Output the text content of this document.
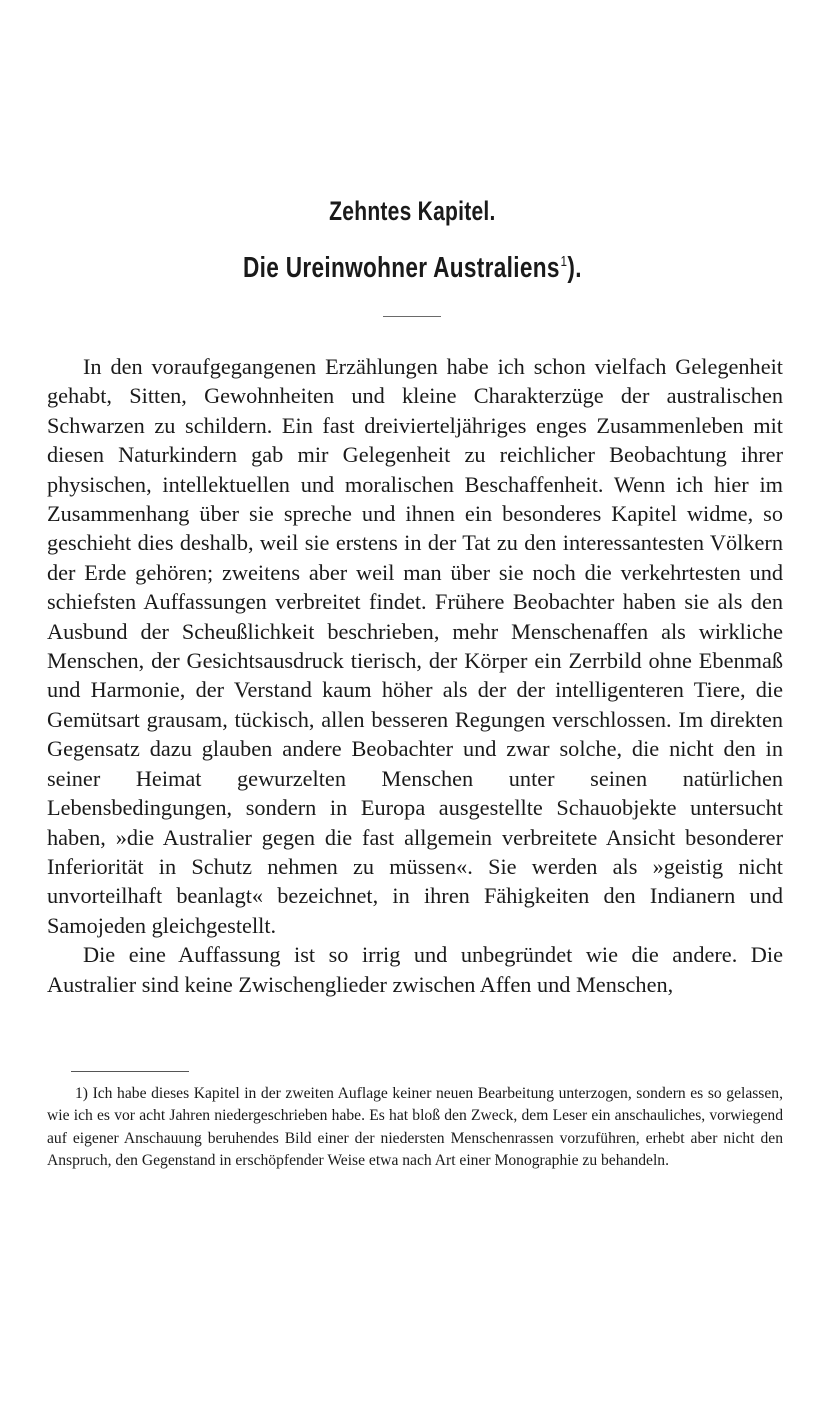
Zehntes Kapitel.
Die Ureinwohner Australiens$^1$).

In den voraufgegangenen Erzählungen habe ich schon vielfach Gelegenheit gehabt, Sitten, Gewohnheiten und kleine Charakterzüge der australischen Schwarzen zu schildern. Ein fast dreivierteljähriges enges Zusammenleben mit diesen Naturkindern gab mir Gelegenheit zu reichlicher Beobachtung ihrer physischen, intellektuellen und moralischen Beschaffenheit. Wenn ich hier im Zusammenhang über sie spreche und ihnen ein besonderes Kapitel widme, so geschieht dies deshalb, weil sie erstens in der Tat zu den interessantesten Völkern der Erde gehören; zweitens aber weil man über sie noch die verkehrtesten und schiefsten Auffassungen verbreitet findet. Frühere Beobachter haben sie als den Ausbund der Scheußlichkeit beschrieben, mehr Menschenaffen als wirkliche Menschen, der Gesichtsausdruck tierisch, der Körper ein Zerrbild ohne Ebenmaß und Harmonie, der Verstand kaum höher als der der intelligenteren Tiere, die Gemütsart grausam, tückisch, allen besseren Regungen verschlossen. Im direkten Gegensatz dazu glauben andere Beobachter und zwar solche, die nicht den in seiner Heimat gewurzelten Menschen unter seinen natürlichen Lebensbedingungen, sondern in Europa ausgestellte Schauobjekte untersucht haben, »die Australier gegen die fast allgemein verbreitete Ansicht besonderer Inferiorität in Schutz nehmen zu müssen«. Sie werden als »geistig nicht unvorteilhaft beanlagt« bezeichnet, in ihren Fähigkeiten den Indianern und Samojeden gleichgestellt.

Die eine Auffassung ist so irrig und unbegründet wie die andere. Die Australier sind keine Zwischenglieder zwischen Affen und Menschen,

1) Ich habe dieses Kapitel in der zweiten Auflage keiner neuen Bearbeitung unterzogen, sondern es so gelassen, wie ich es vor acht Jahren niedergeschrieben habe. Es hat bloß den Zweck, dem Leser ein anschauliches, vorwiegend auf eigener Anschauung beruhendes Bild einer der niedersten Menschenrassen vorzuführen, erhebt aber nicht den Anspruch, den Gegenstand in erschöpfender Weise etwa nach Art einer Monographie zu behandeln.
